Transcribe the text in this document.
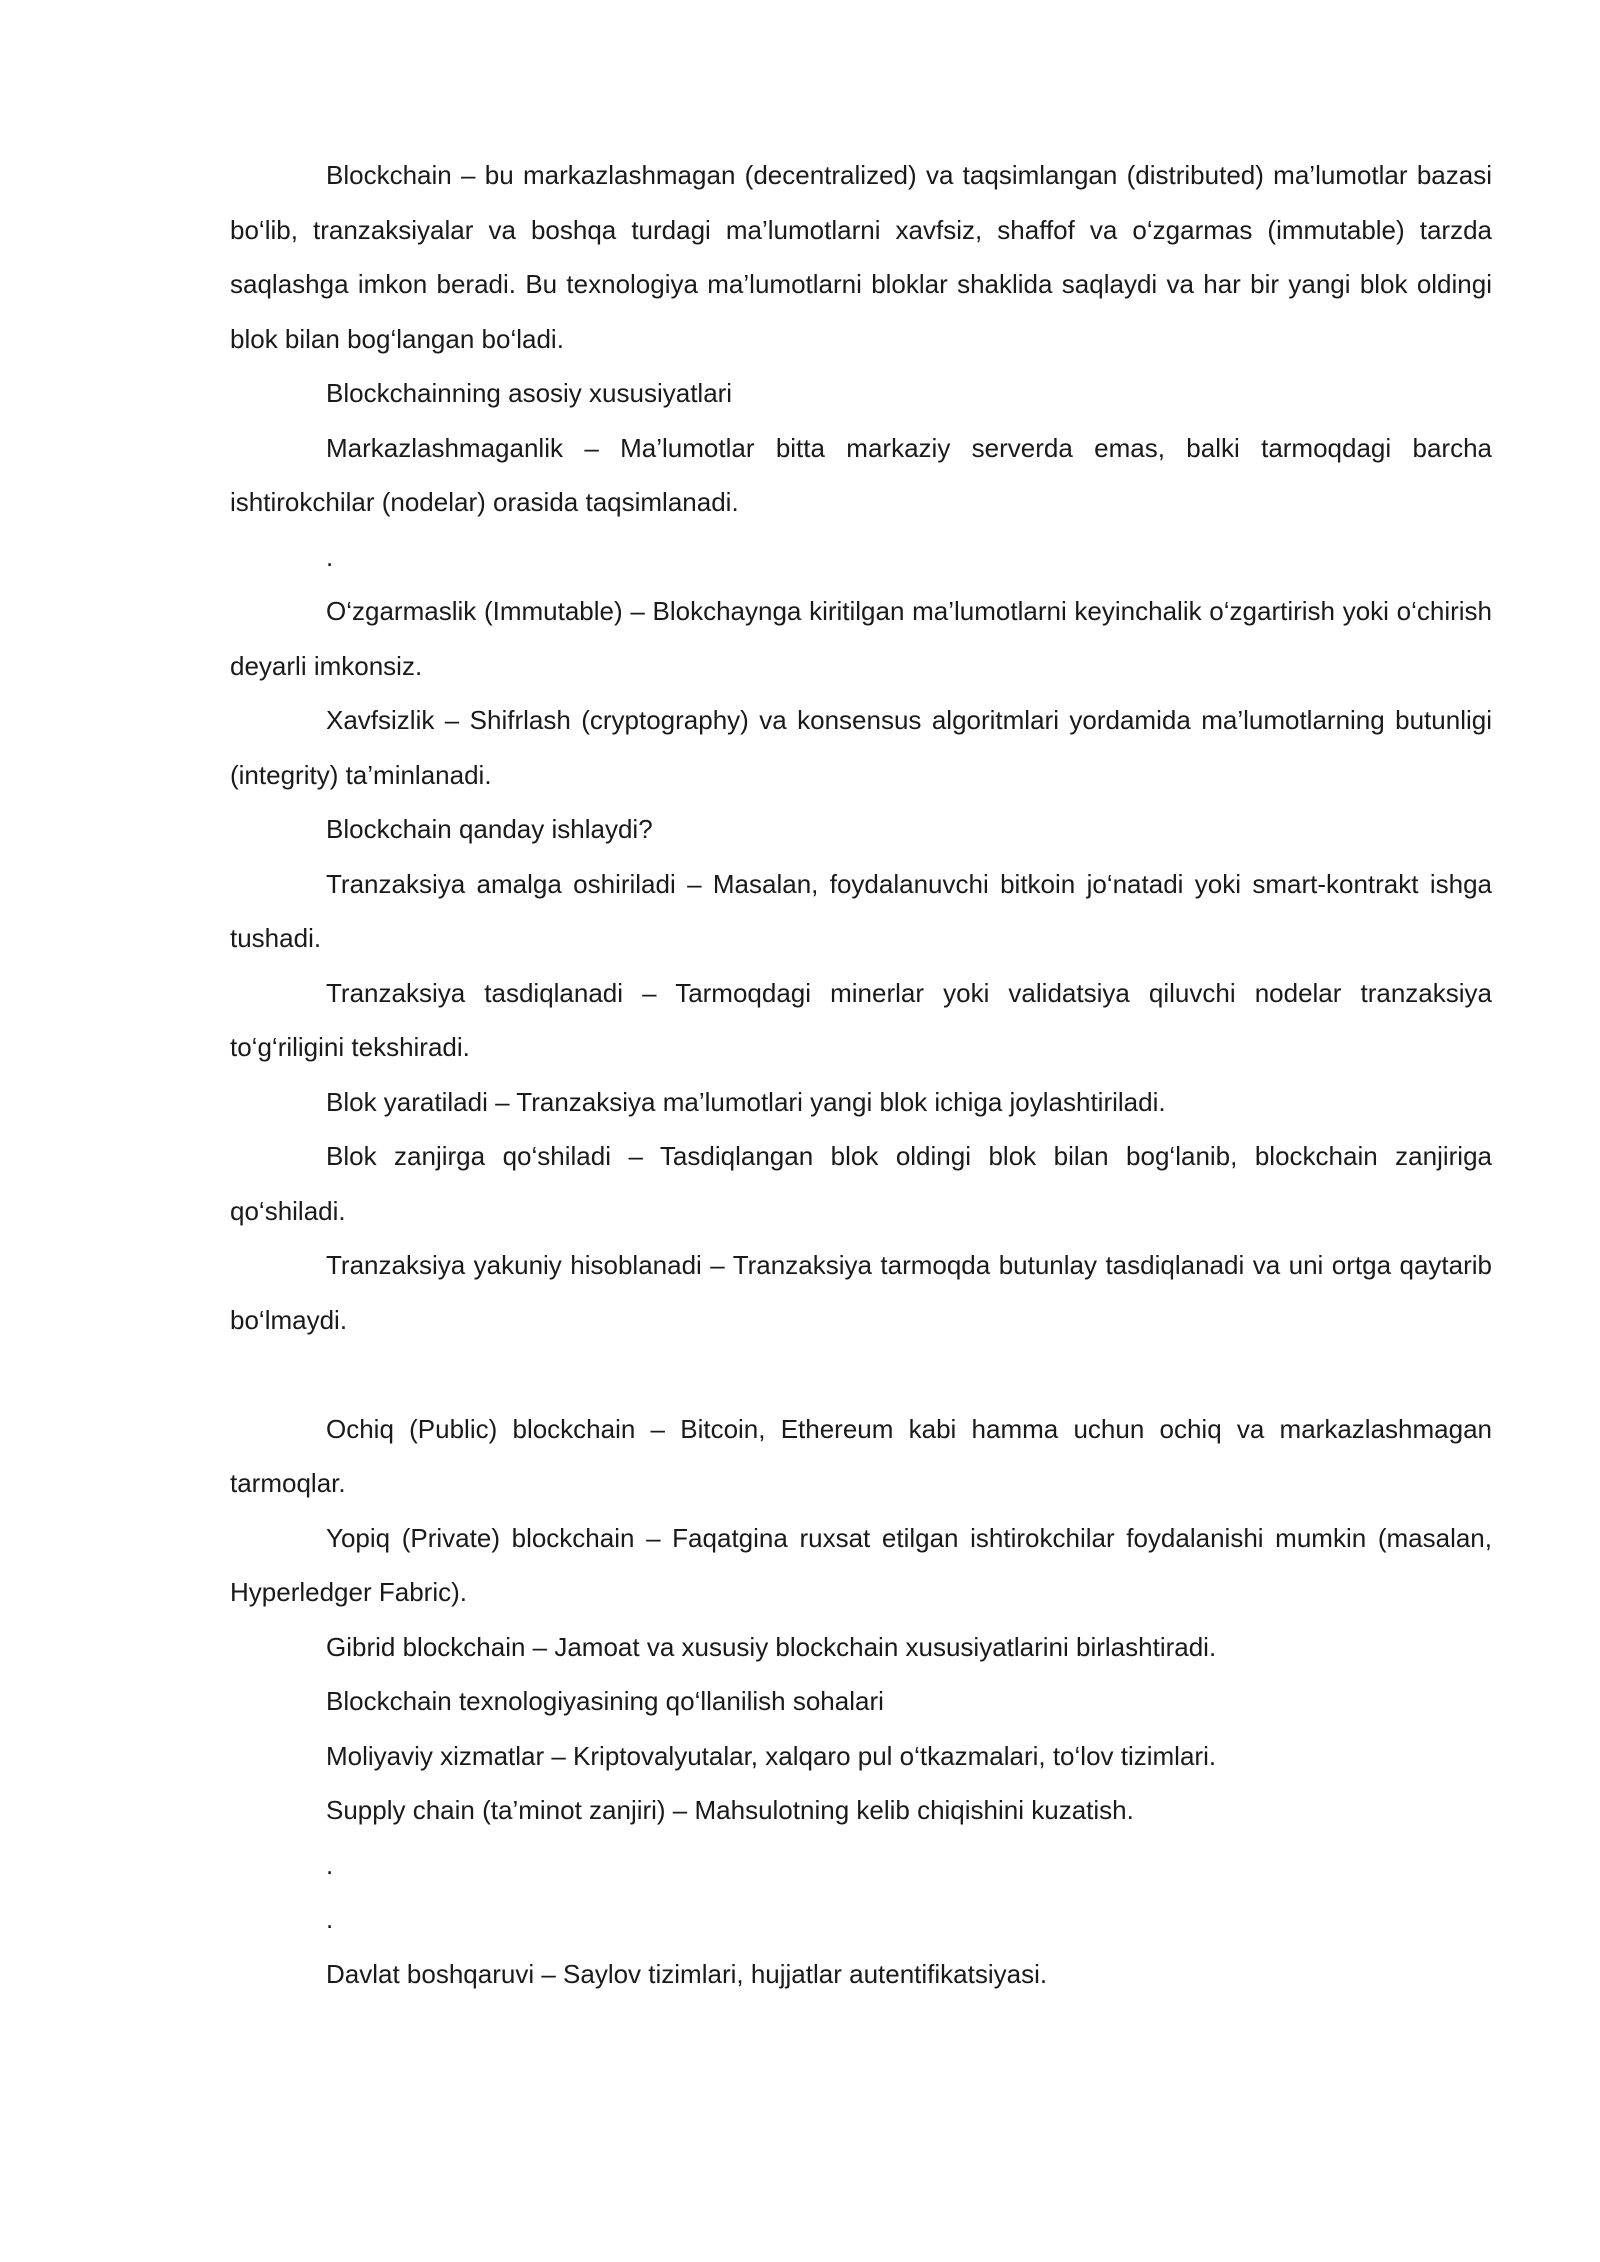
Blockchain – bu markazlashmagan (decentralized) va taqsimlangan (distributed) ma’lumotlar bazasi bo‘lib, tranzaksiyalar va boshqa turdagi ma’lumotlarni xavfsiz, shaffof va o‘zgarmas (immutable) tarzda saqlashga imkon beradi. Bu texnologiya ma’lumotlarni bloklar shaklida saqlaydi va har bir yangi blok oldingi blok bilan bog‘langan bo‘ladi.

Blockchainning asosiy xususiyatlari

Markazlashmaganlik – Ma’lumotlar bitta markaziy serverda emas, balki tarmoqdagi barcha ishtirokchilar (nodelar) orasida taqsimlanadi.

.

O‘zgarmaslik (Immutable) – Blokchaynga kiritilgan ma’lumotlarni keyinchalik o‘zgartirish yoki o‘chirish deyarli imkonsiz.

Xavfsizlik – Shifrlash (cryptography) va konsensus algoritmlari yordamida ma’lumotlarning butunligi (integrity) ta’minlanadi.

Blockchain qanday ishlaydi?

Tranzaksiya amalga oshiriladi – Masalan, foydalanuvchi bitkoin jo‘natadi yoki smart-kontrakt ishga tushadi.

Tranzaksiya tasdiqlanadi – Tarmoqdagi minerlar yoki validatsiya qiluvchi nodelar tranzaksiya to‘g‘riligini tekshiradi.

Blok yaratiladi – Tranzaksiya ma’lumotlari yangi blok ichiga joylashtiriladi.

Blok zanjirga qo‘shiladi – Tasdiqlangan blok oldingi blok bilan bog‘lanib, blockchain zanjiriga qo‘shiladi.

Tranzaksiya yakuniy hisoblanadi – Tranzaksiya tarmoqda butunlay tasdiqlanadi va uni ortga qaytarib bo‘lmaydi.

Ochiq (Public) blockchain – Bitcoin, Ethereum kabi hamma uchun ochiq va markazlashmagan tarmoqlar.

Yopiq (Private) blockchain – Faqatgina ruxsat etilgan ishtirokchilar foydalanishi mumkin (masalan, Hyperledger Fabric).

Gibrid blockchain – Jamoat va xususiy blockchain xususiyatlarini birlashtiradi.

Blockchain texnologiyasining qo‘llanilish sohalari

Moliyaviy xizmatlar – Kriptovalyutalar, xalqaro pul o‘tkazmalari, to‘lov tizimlari.

Supply chain (ta’minot zanjiri) – Mahsulotning kelib chiqishini kuzatish.

.

.

Davlat boshqaruvi – Saylov tizimlari, hujjatlar autentifikatsiyasi.
